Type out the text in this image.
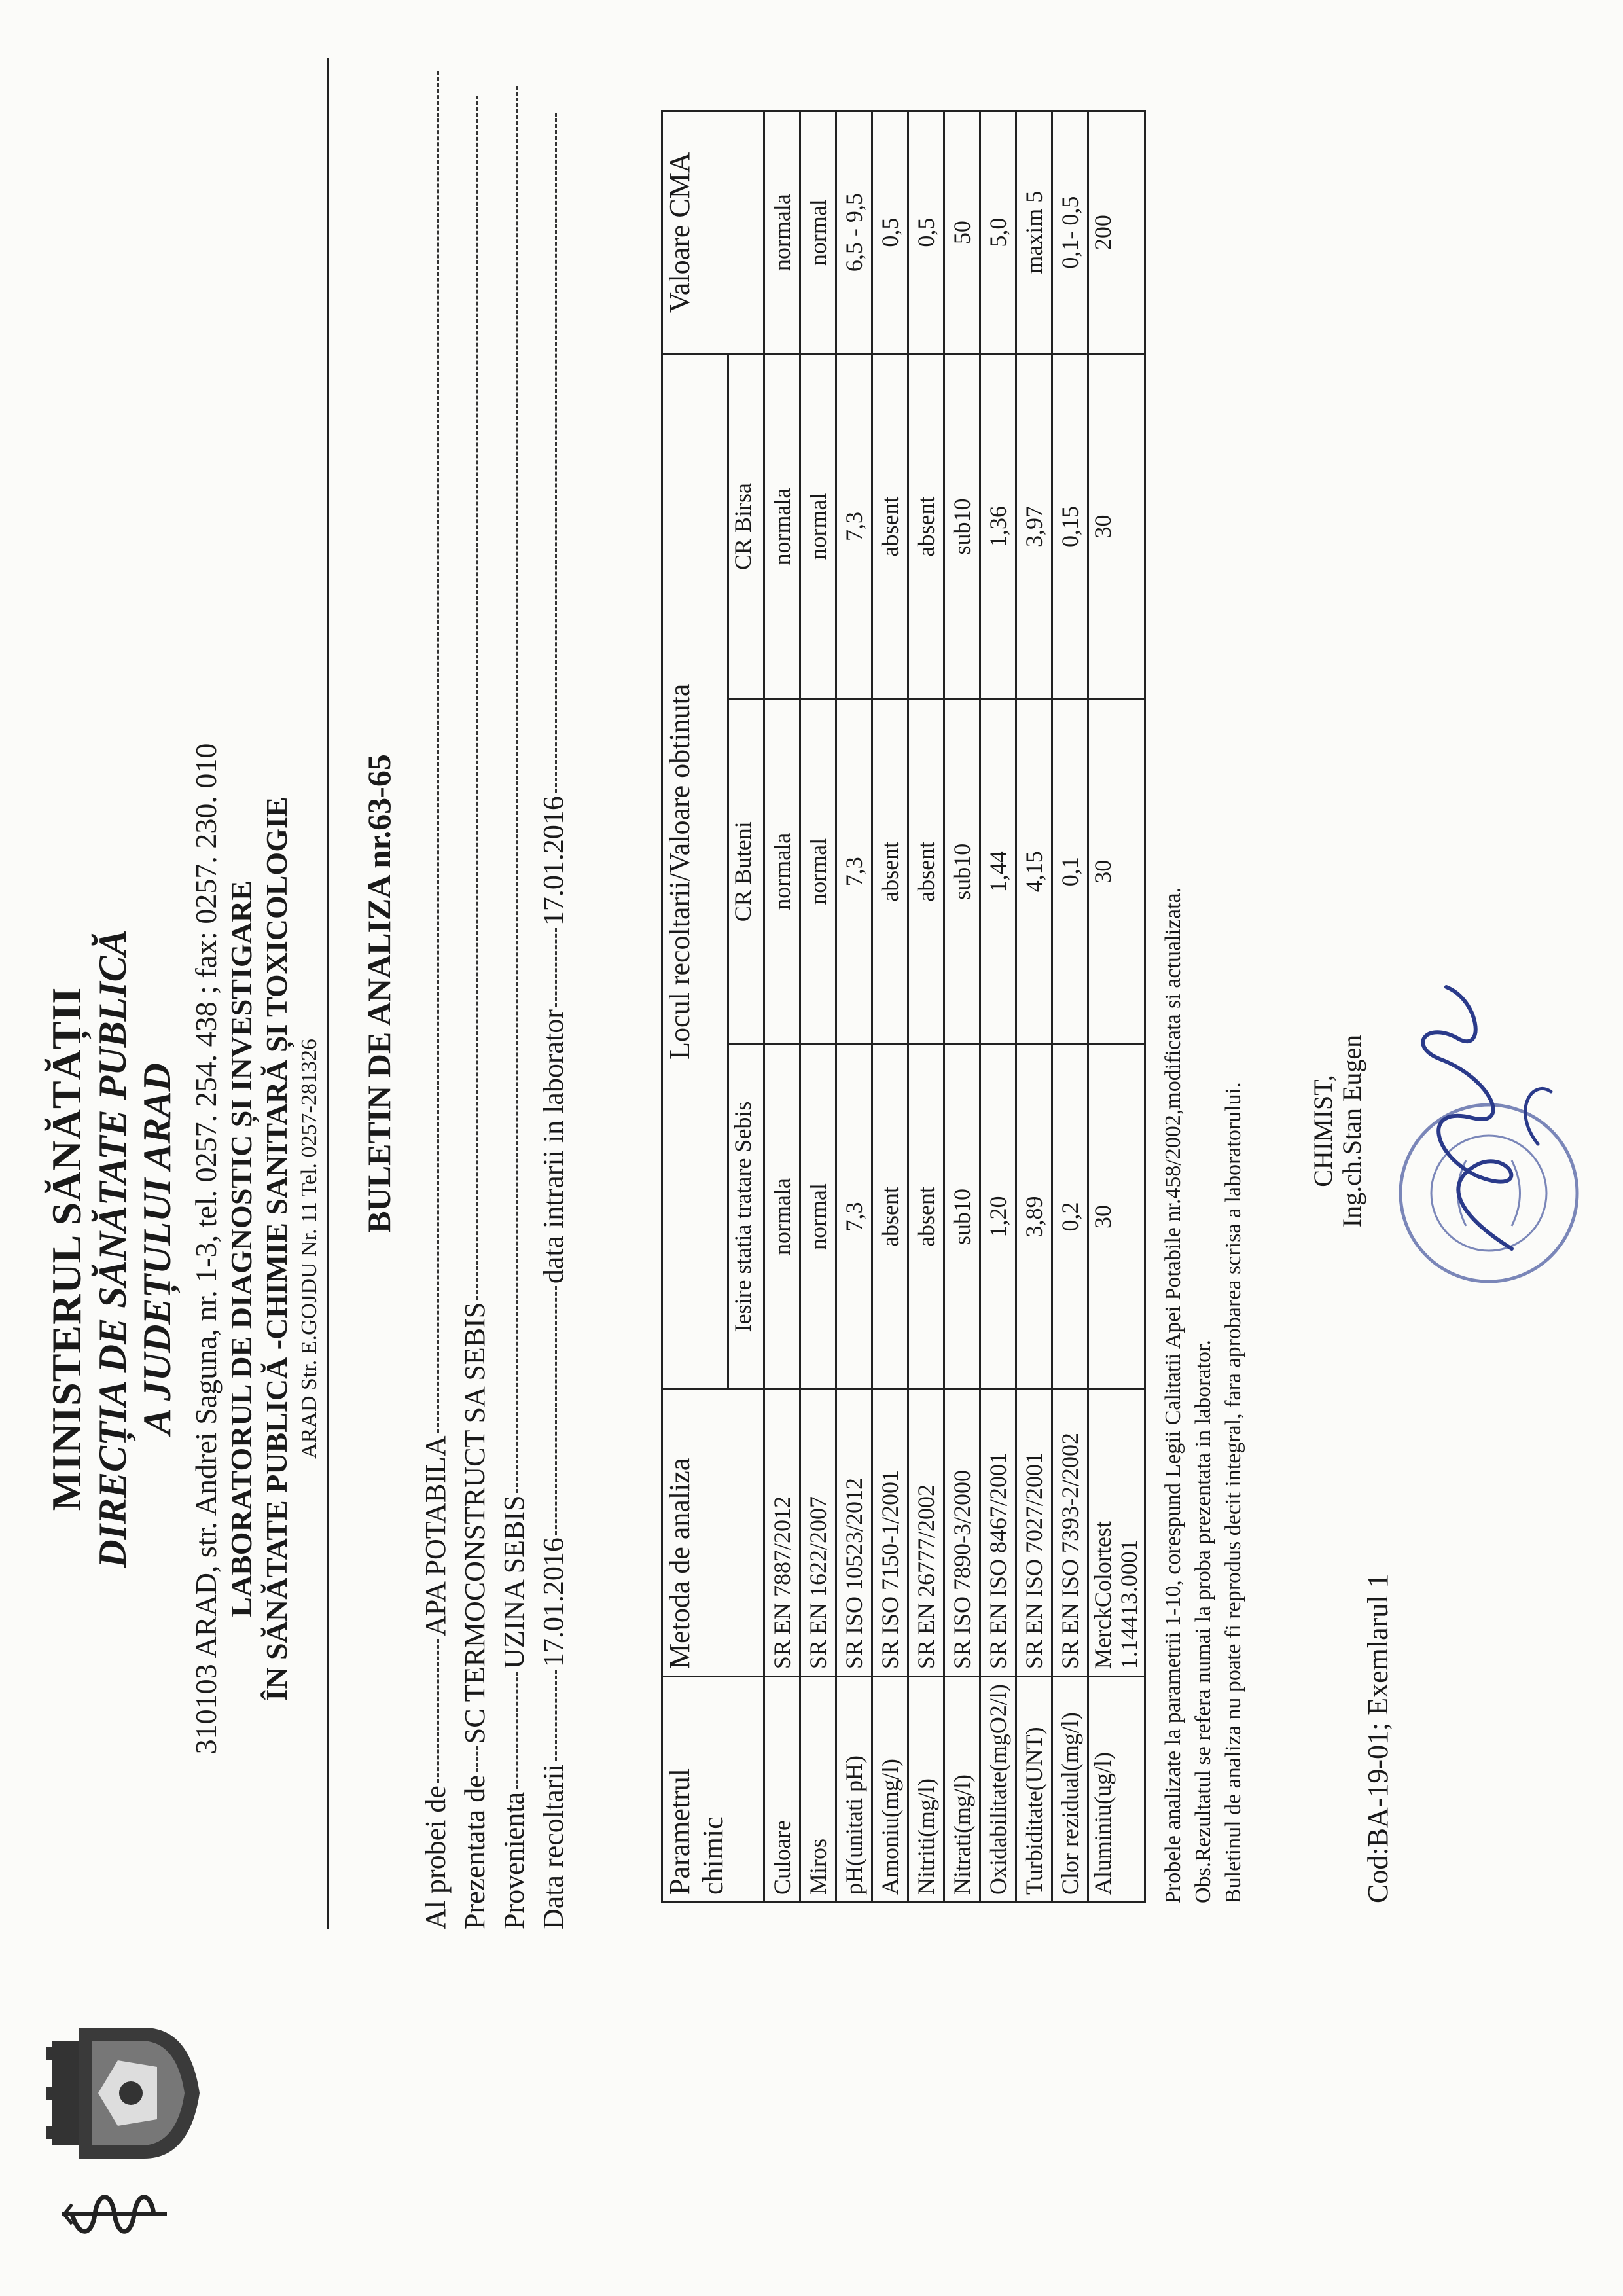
MINISTERUL SĂNĂTĂȚII DIRECȚIA DE SĂNĂTATE PUBLICĂ A JUDEȚULUI ARAD 310103 ARAD, str. Andrei Saguna, nr. 1-3, tel. 0257. 254. 438 ; fax: 0257. 230. 010 LABORATORUL DE DIAGNOSTIC ȘI INVESTIGARE ÎN SĂNĂTATE PUBLICĂ -CHIMIE SANITARĂ ȘI TOXICOLOGIE ARAD Str. E.GOJDU Nr. 11 Tel. 0257-281326
BULETIN DE ANALIZA nr.63-65
Al probei deAPA POTABILA
Prezentata deSC TERMOCONSTRUCT SA SEBIS
ProvenientaUZINA SEBIS
Data recoltarii17.01.2016data intrarii in laborator17.01.2016
Parametrul chimic	Metoda de analiza	Locul recoltarii/Valoare obtinuta			Valoare CMA
		Iesire statia tratare Sebis	CR Buteni	CR Birsa	
Culoare	SR EN 7887/2012	normala	normala	normala	normala
Miros	SR EN 1622/2007	normal	normal	normal	normal
pH(unitati pH)	SR ISO 10523/2012	7,3	7,3	7,3	6,5 - 9,5
Amoniu(mg/l)	SR ISO 7150-1/2001	absent	absent	absent	0,5
Nitriti(mg/l)	SR EN 26777/2002	absent	absent	absent	0,5
Nitrati(mg/l)	SR ISO 7890-3/2000	sub10	sub10	sub10	50
Oxidabilitate(mgO2/l)	SR EN ISO 8467/2001	1,20	1,44	1,36	5,0
Turbiditate(UNT)	SR EN ISO 7027/2001	3,89	4,15	3,97	maxim 5
Clor rezidual(mg/l)	SR EN ISO 7393-2/2002	0,2	0,1	0,15	0,1- 0,5
Aluminiu(ug/l)	MerckColortest 1.14413.0001	30	30	30	200
Probele analizate la parametrii 1-10, corespund Legii Calitatii Apei Potabile nr.458/2002,modificata si actualizata. Obs.Rezultatul se refera numai la proba prezentata in laborator. Buletinul de analiza nu poate fi reprodus decit integral, fara aprobarea scrisa a laboratorului.	Cod:BA-19-01; Exemlarul 1
CHIMIST, Ing.ch.Stan Eugen
